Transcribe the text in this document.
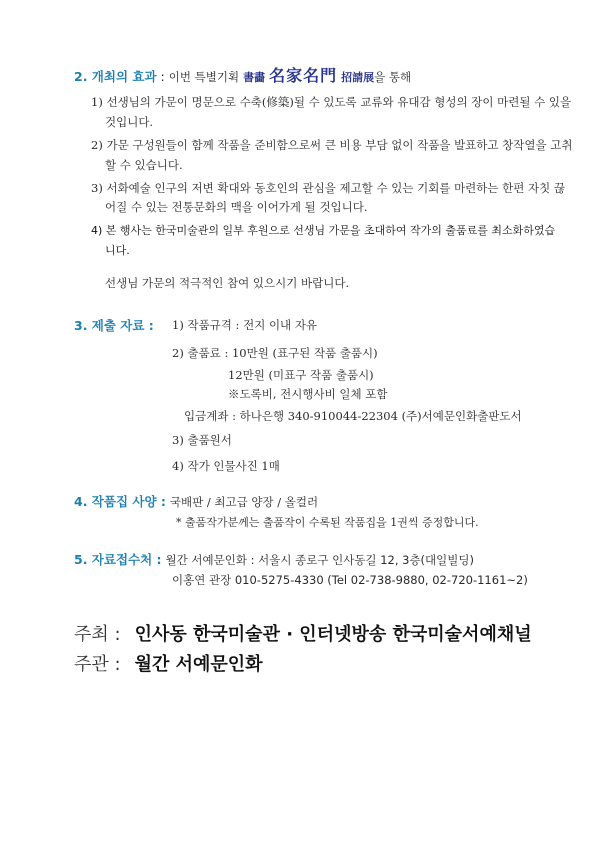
2. 개최의 효과 : 이번 특별기획 書畵 名家名門 招請展 을 통해
1) 선생님의 가문이 명문으로 수축(修築)될 수 있도록 교류와 유대감 형성의 장이 마련될 수 있을
것입니다.
2) 가문 구성원들이 함께 작품을 준비함으로써 큰 비용 부담 없이 작품을 발표하고 창작열을 고취
할 수 있습니다.
3) 서화예술 인구의 저변 확대와 동호인의 관심을 제고할 수 있는 기회를 마련하는 한편 자칫 끊
어질 수 있는 전통문화의 맥을 이어가게 될 것입니다.
4) 본 행사는 한국미술관의 일부 후원으로 선생님 가문을 초대하여 작가의 출품료를 최소화하였습
니다.
선생님 가문의 적극적인 참여 있으시기 바랍니다.
3. 제출 자료 : 1) 작품규격 : 전지 이내 자유
2) 출품료 : 10만원 (표구된 작품 출품시)
12만원 (미표구 작품 출품시)
※도록비, 전시행사비 일체 포함
입금계좌 : 하나은행 340-910044-22304 (주)서예문인화출판도서
3) 출품원서
4) 작가 인물사진 1매
4. 작품집 사양 : 국배판 / 최고급 양장 / 올컬러
* 출품작가분께는 출품작이 수록된 작품집을 1권씩 증정합니다.
5. 자료접수처 : 월간 서예문인화 : 서울시 종로구 인사동길 12, 3층(대일빌딩)
이홍연 관장 010-5275-4330 (Tel 02-738-9880, 02-720-1161~2)
주최 : 인사동 한국미술관 · 인터넷방송 한국미술서예채널
주관 : 월간 서예문인화
